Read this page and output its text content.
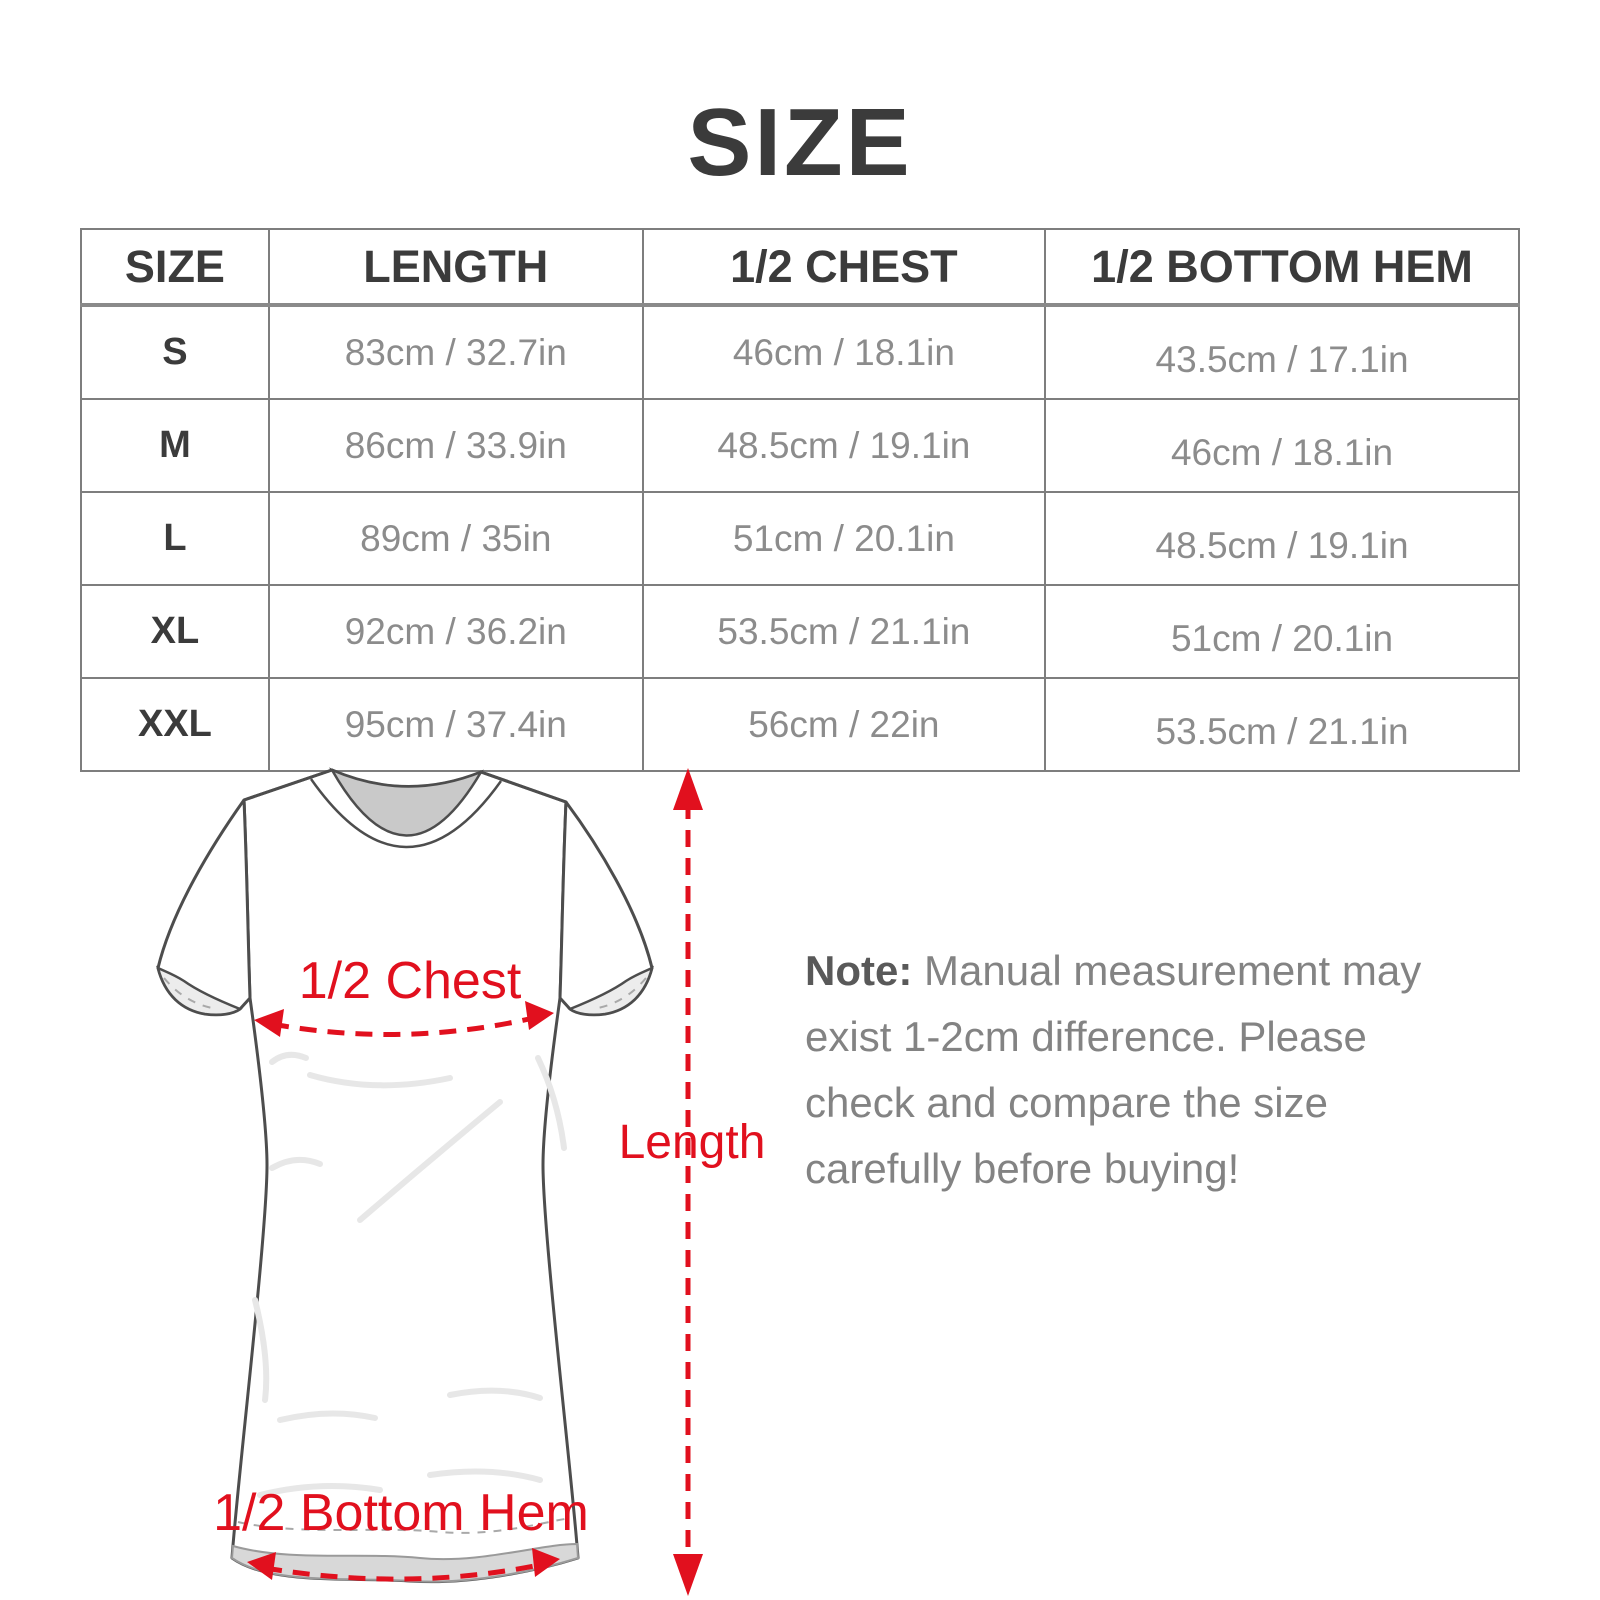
SIZE
SIZE	LENGTH	1/2 CHEST	1/2 BOTTOM HEM
S	83cm / 32.7in	46cm / 18.1in	43.5cm / 17.1in
M	86cm / 33.9in	48.5cm / 19.1in	46cm / 18.1in
L	89cm / 35in	51cm / 20.1in	48.5cm / 19.1in
XL	92cm / 36.2in	53.5cm / 21.1in	51cm / 20.1in
XXL	95cm / 37.4in	56cm / 22in	53.5cm / 21.1in
1/2 Chest
1/2 Bottom Hem
Length
Note: Manual measurement may exist 1-2cm difference. Please check and compare the size carefully before buying!
